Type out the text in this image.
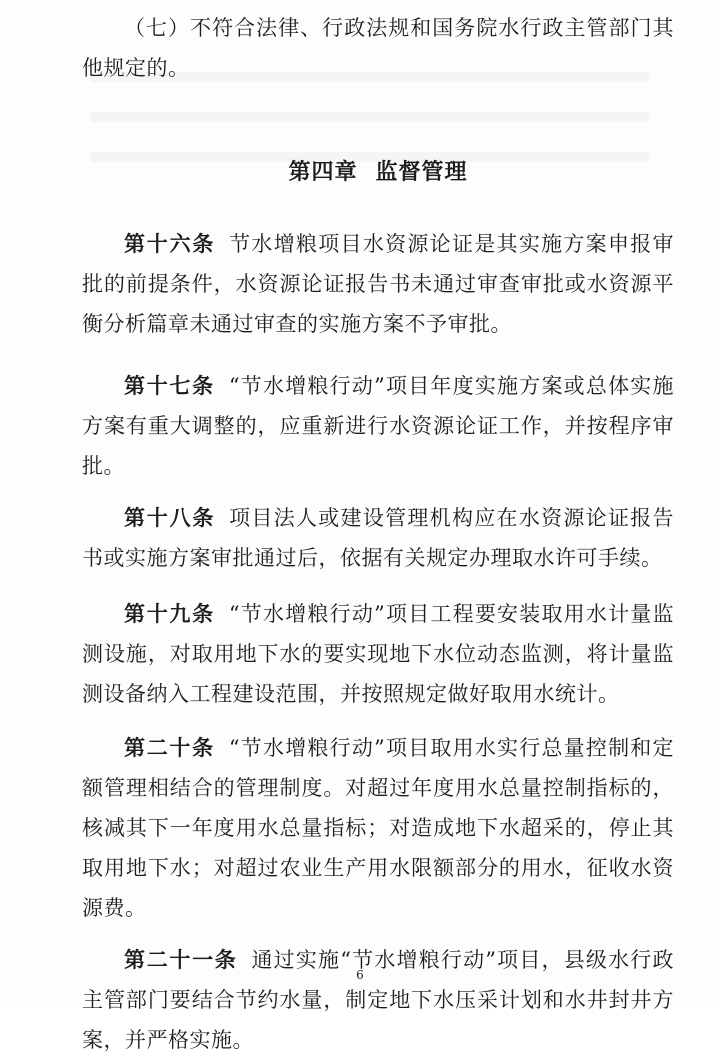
（七）不符合法律、行政法规和国务院水行政主管部门其他规定的。

第四章 监督管理

第十六条 节水增粮项目水资源论证是其实施方案申报审批的前提条件，水资源论证报告书未通过审查审批或水资源平衡分析篇章未通过审查的实施方案不予审批。

第十七条 “节水增粮行动”项目年度实施方案或总体实施方案有重大调整的，应重新进行水资源论证工作，并按程序审批。

第十八条 项目法人或建设管理机构应在水资源论证报告书或实施方案审批通过后，依据有关规定办理取水许可手续。

第十九条 “节水增粮行动”项目工程要安装取用水计量监测设施，对取用地下水的要实现地下水位动态监测，将计量监测设备纳入工程建设范围，并按照规定做好取用水统计。

第二十条 “节水增粮行动”项目取用水实行总量控制和定额管理相结合的管理制度。对超过年度用水总量控制指标的，核减其下一年度用水总量指标；对造成地下水超采的，停止其取用地下水；对超过农业生产用水限额部分的用水，征收水资源费。

第二十一条 通过实施“节水增粮行动”项目，县级水行政主管部门要结合节约水量，制定地下水压采计划和水井封井方案，并严格实施。

6
